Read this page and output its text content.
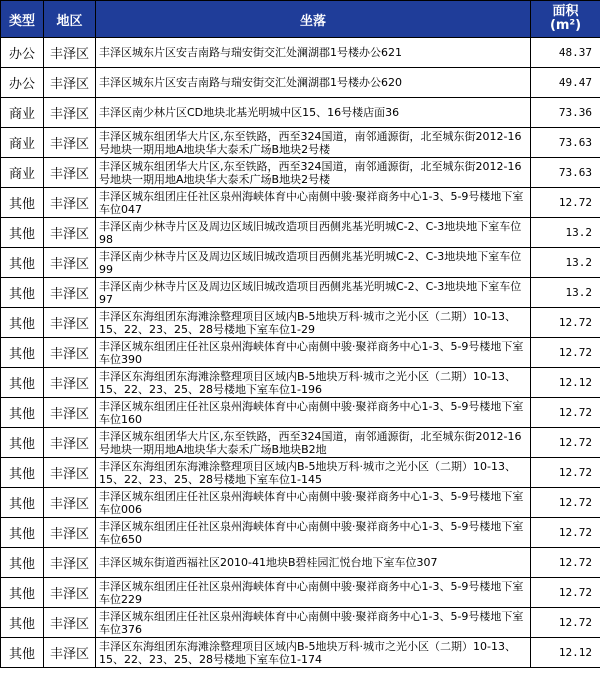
类型	地区	坐落	面积
(m²)

办公	丰泽区	丰泽区城东片区安吉南路与瑞安街交汇处澜湖郡1号楼办公621	48.37
办公	丰泽区	丰泽区城东片区安吉南路与瑞安街交汇处澜湖郡1号楼办公620	49.47
商业	丰泽区	丰泽区南少林片区CD地块北基光明城中区15、16号楼店面36	73.36
商业	丰泽区	丰泽区城东组团华大片区,东至铁路，西至324国道，南邻通源街，北至城东街2012-16号地块一期用地A地块华大泰禾广场B地块2号楼	73.63
商业	丰泽区	丰泽区城东组团华大片区,东至铁路，西至324国道，南邻通源街，北至城东街2012-16号地块一期用地A地块华大泰禾广场B地块2号楼	73.63
其他	丰泽区	丰泽区城东组团庄任社区泉州海峡体育中心南侧中骏·聚祥商务中心1-3、5-9号楼地下室车位047	12.72
其他	丰泽区	丰泽区南少林寺片区及周边区域旧城改造项目西侧兆基光明城C-2、C-3地块地下室车位98	13.2
其他	丰泽区	丰泽区南少林寺片区及周边区域旧城改造项目西侧兆基光明城C-2、C-3地块地下室车位99	13.2
其他	丰泽区	丰泽区南少林寺片区及周边区域旧城改造项目西侧兆基光明城C-2、C-3地块地下室车位97	13.2
其他	丰泽区	丰泽区东海组团东海滩涂整理项目区域内B-5地块万科·城市之光小区（二期）10-13、15、22、23、25、28号楼地下室车位1-29	12.72
其他	丰泽区	丰泽区城东组团庄任社区泉州海峡体育中心南侧中骏·聚祥商务中心1-3、5-9号楼地下室车位390	12.72
其他	丰泽区	丰泽区东海组团东海滩涂整理项目区域内B-5地块万科·城市之光小区（二期）10-13、15、22、23、25、28号楼地下室车位1-196	12.12
其他	丰泽区	丰泽区城东组团庄任社区泉州海峡体育中心南侧中骏·聚祥商务中心1-3、5-9号楼地下室车位160	12.72
其他	丰泽区	丰泽区城东组团华大片区,东至铁路，西至324国道，南邻通源街，北至城东街2012-16号地块一期用地A地块华大泰禾广场B地块B2地	12.72
其他	丰泽区	丰泽区东海组团东海滩涂整理项目区域内B-5地块万科·城市之光小区（二期）10-13、15、22、23、25、28号楼地下室车位1-145	12.72
其他	丰泽区	丰泽区城东组团庄任社区泉州海峡体育中心南侧中骏·聚祥商务中心1-3、5-9号楼地下室车位006	12.72
其他	丰泽区	丰泽区城东组团庄任社区泉州海峡体育中心南侧中骏·聚祥商务中心1-3、5-9号楼地下室车位650	12.72
其他	丰泽区	丰泽区城东街道西福社区2010-41地块B碧桂园汇悦台地下室车位307	12.72
其他	丰泽区	丰泽区城东组团庄任社区泉州海峡体育中心南侧中骏·聚祥商务中心1-3、5-9号楼地下室车位229	12.72
其他	丰泽区	丰泽区城东组团庄任社区泉州海峡体育中心南侧中骏·聚祥商务中心1-3、5-9号楼地下室车位376	12.72
其他	丰泽区	丰泽区东海组团东海滩涂整理项目区域内B-5地块万科·城市之光小区（二期）10-13、15、22、23、25、28号楼地下室车位1-174	12.12
